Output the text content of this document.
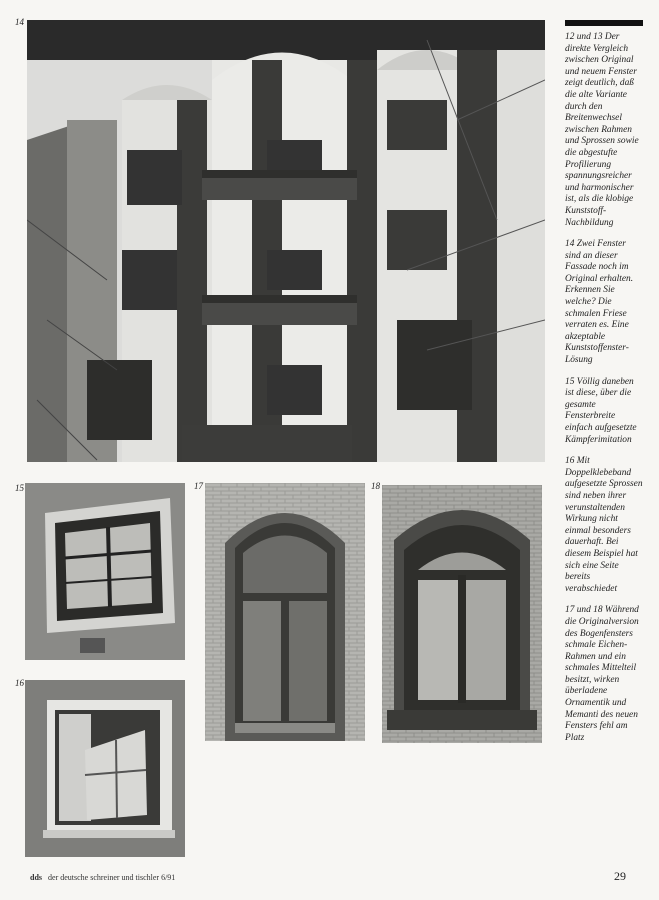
14
15
16
17	18

12 und 13 Der direkte Vergleich zwischen Original und neuem Fenster zeigt deutlich, daß die alte Variante durch den Breitenwechsel zwischen Rahmen und Sprossen sowie die abgestufte Profilierung spannungsreicher und harmonischer ist, als die klobige Kunststoff-Nachbildung

14 Zwei Fenster sind an dieser Fassade noch im Original erhalten. Erkennen Sie welche? Die schmalen Friese verraten es. Eine akzeptable Kunststoffenster-Lösung

15 Völlig daneben ist diese, über die gesamte Fensterbreite einfach aufgesetzte Kämpferimitation

16 Mit Doppelklebeband aufgesetzte Sprossen sind neben ihrer verunstaltenden Wirkung nicht einmal besonders dauerhaft. Bei diesem Beispiel hat sich eine Seite bereits verabschiedet

17 und 18 Während die Originalversion des Bogenfensters schmale Eichen-Rahmen und ein schmales Mittelteil besitzt, wirken überladene Ornamentik und Memanti des neuen Fensters fehl am Platz

dds der deutsche schreiner und tischler 6/91	29
